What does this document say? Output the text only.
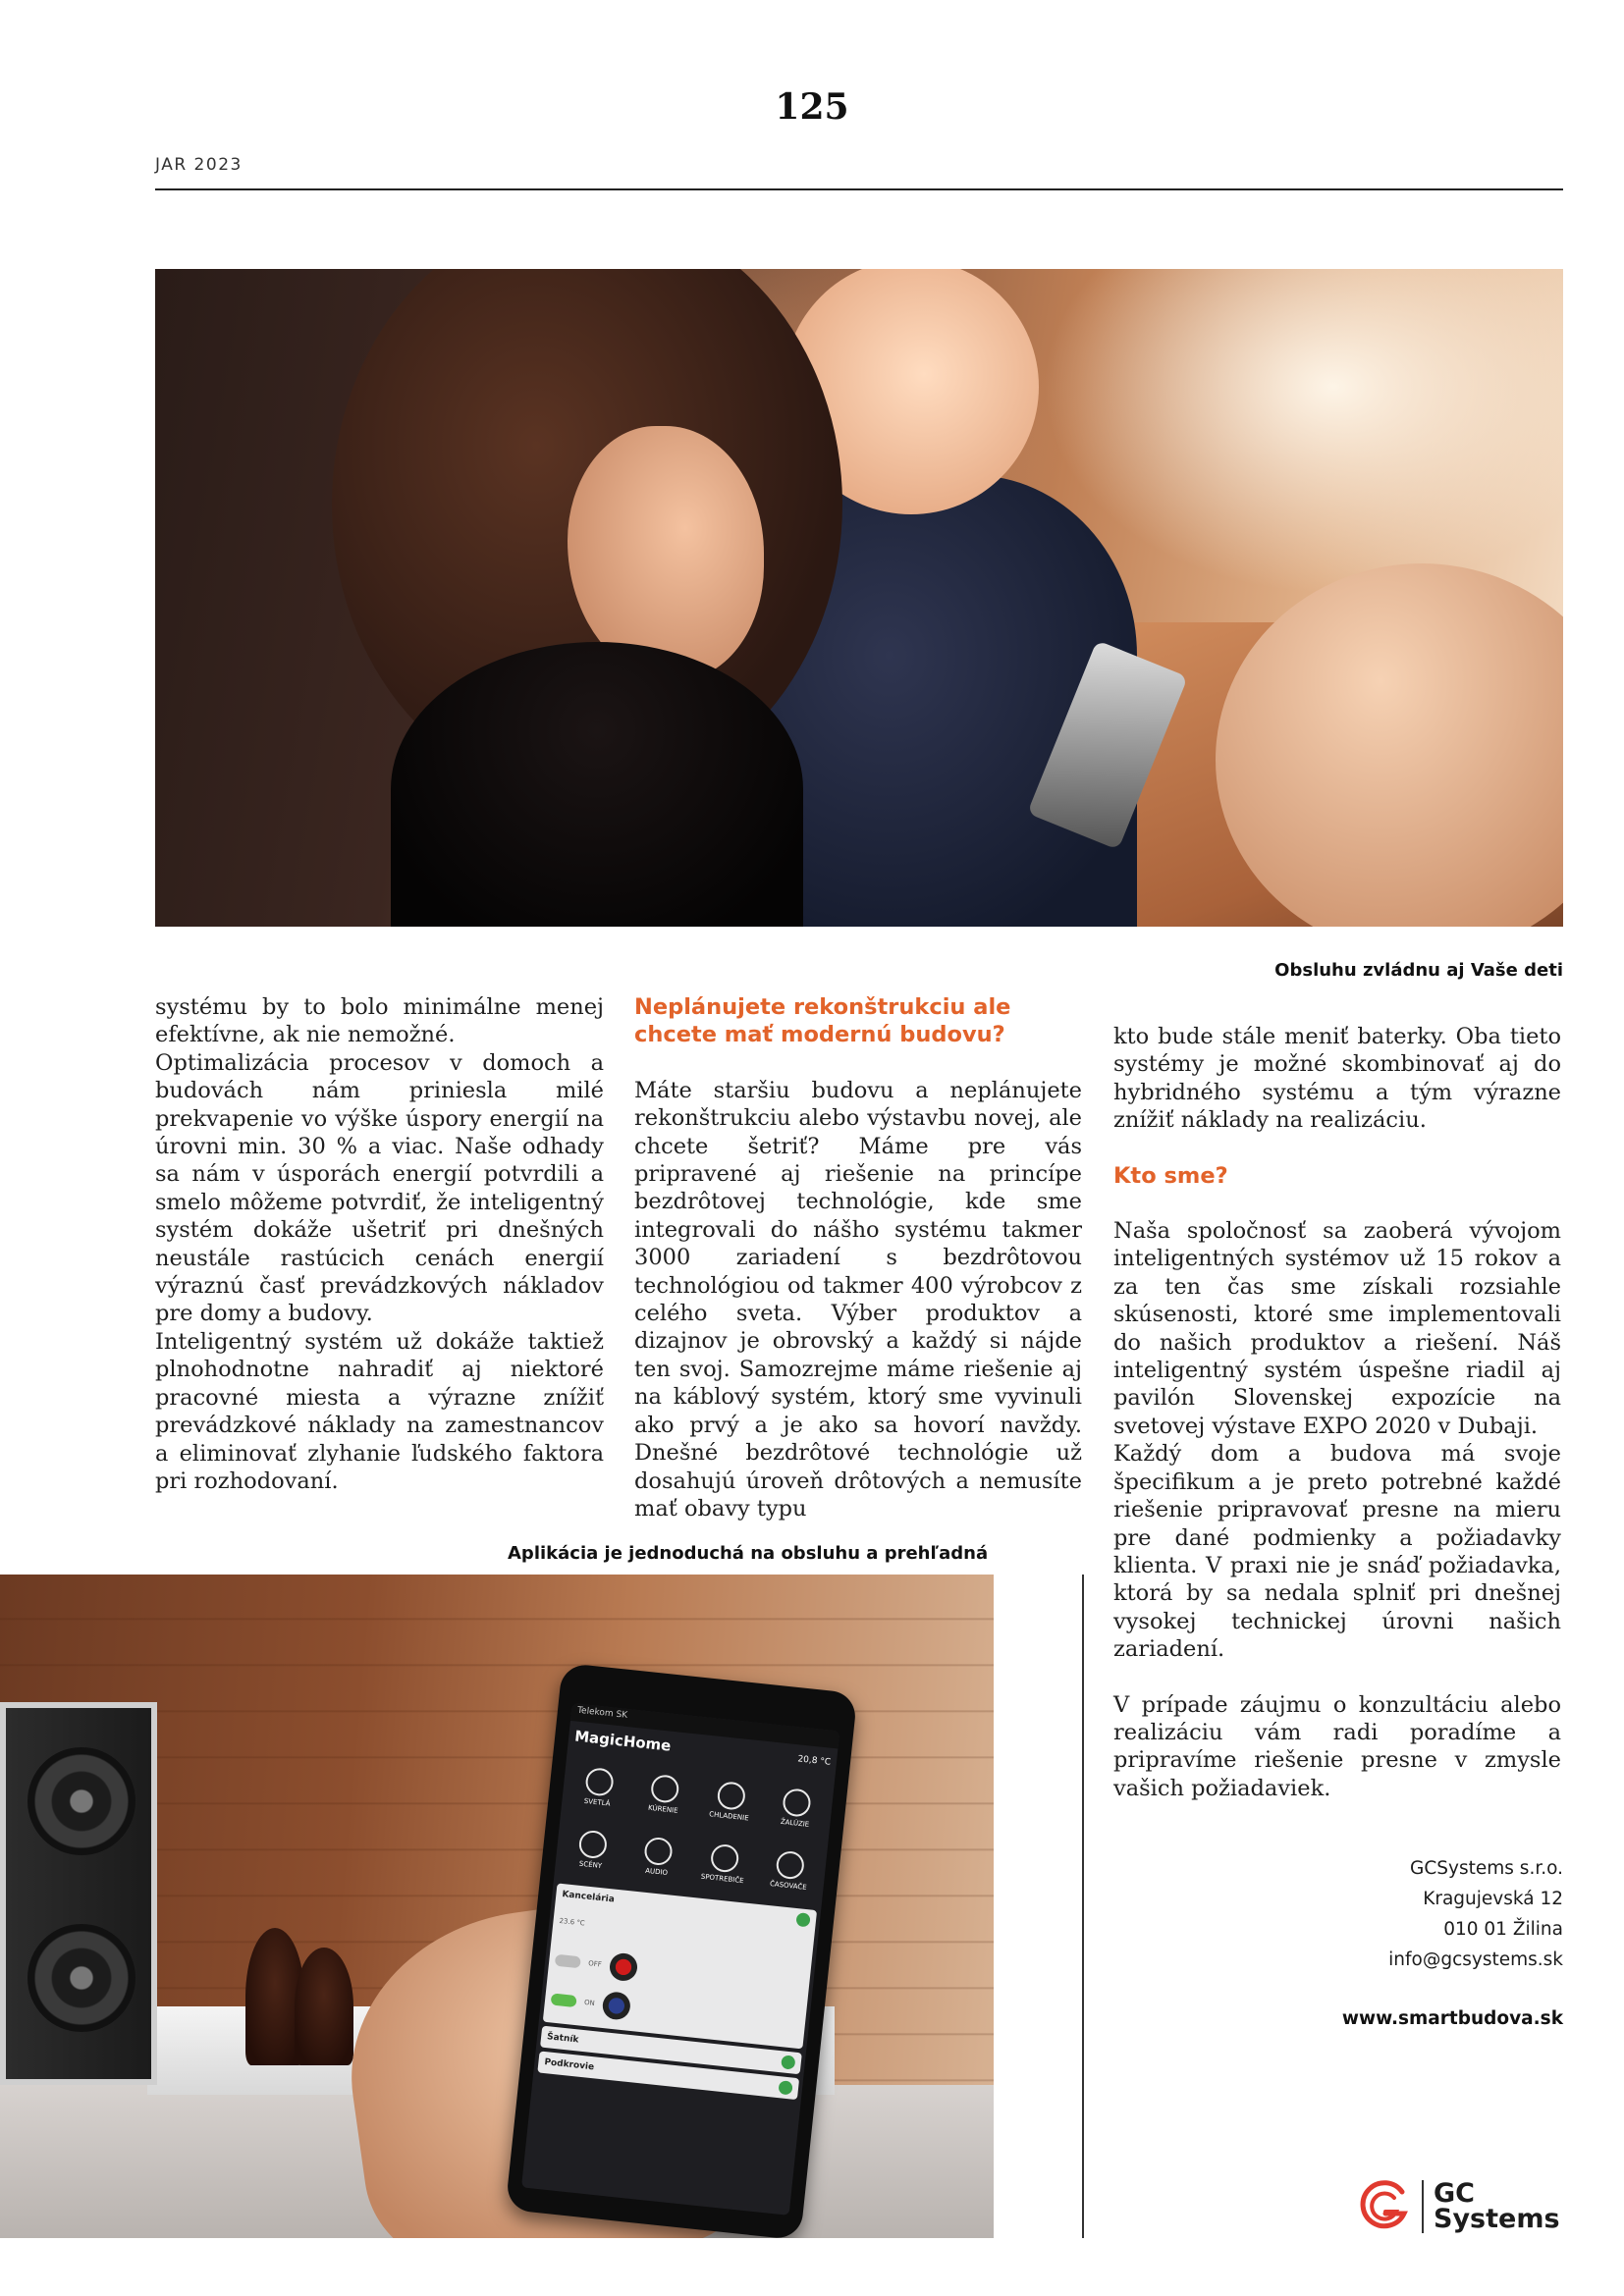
125
JAR 2023
Obsluhu zvládnu aj Vaše deti

systému by to bolo minimálne menej efektívne, ak nie nemožné.

Optimalizácia procesov v domoch a budovách nám priniesla milé prekvapenie vo výške úspory energií na úrovni min. 30 % a viac. Naše odhady sa nám v úsporách energií potvrdili a smelo môžeme potvrdiť, že inteligentný systém dokáže ušetriť pri dnešných neustále rastúcich cenách energií výraznú časť prevádzkových nákladov pre domy a budovy.

Inteligentný systém už dokáže taktiež plnohodnotne nahradiť aj niektoré pracovné miesta a výrazne znížiť prevádzkové náklady na zamestnancov a eliminovať zlyhanie ľudského faktora pri rozhodovaní.

Neplánujete rekonštrukciu ale chcete mať modernú budovu?

Máte staršiu budovu a neplánujete rekonštrukciu alebo výstavbu novej, ale chcete šetriť? Máme pre vás pripravené aj riešenie na princípe bezdrôtovej technológie, kde sme integrovali do nášho systému takmer 3000 zariadení s bezdrôtovou technológiou od takmer 400 výrobcov z celého sveta. Výber produktov a dizajnov je obrovský a každý si nájde ten svoj. Samozrejme máme riešenie aj na káblový systém, ktorý sme vyvinuli ako prvý a je ako sa hovorí navždy. Dnešné bezdrôtové technológie už dosahujú úroveň drôtových a nemusíte mať obavy typu

kto bude stále meniť baterky. Oba tieto systémy je možné skombinovať aj do hybridného systému a tým výrazne znížiť náklady na realizáciu.

Kto sme?

Naša spoločnosť sa zaoberá vývojom inteligentných systémov už 15 rokov a za ten čas sme získali rozsiahle skúsenosti, ktoré sme implementovali do našich produktov a riešení. Náš inteligentný systém úspešne riadil aj pavilón Slovenskej expozície na svetovej výstave EXPO 2020 v Dubaji.

Každý dom a budova má svoje špecifikum a je preto potrebné každé riešenie pripravovať presne na mieru pre dané podmienky a požiadavky klienta. V praxi nie je snáď požiadavka, ktorá by sa nedala splniť pri dnešnej vysokej technickej úrovni našich zariadení.

V prípade záujmu o konzultáciu alebo realizáciu vám radi poradíme a pripravíme riešenie presne v zmysle vašich požiadaviek.

Aplikácia je jednoduchá na obsluhu a prehľadná
Telekom SK
MagicHome
20,8 °C
SVETLÁ
KÚRENIE
CHLADENIE
ŽALÚZIE
SCÉNY
AUDIO
SPOTREBIČE
ČASOVAČE
Kancelária
23.6 °C
OFF
ON
Šatník
Podkrovie
GCSystems s.r.o.
Kragujevská 12
010 01 Žilina
info@gcsystems.sk
www.smartbudova.sk
GC
Systems
